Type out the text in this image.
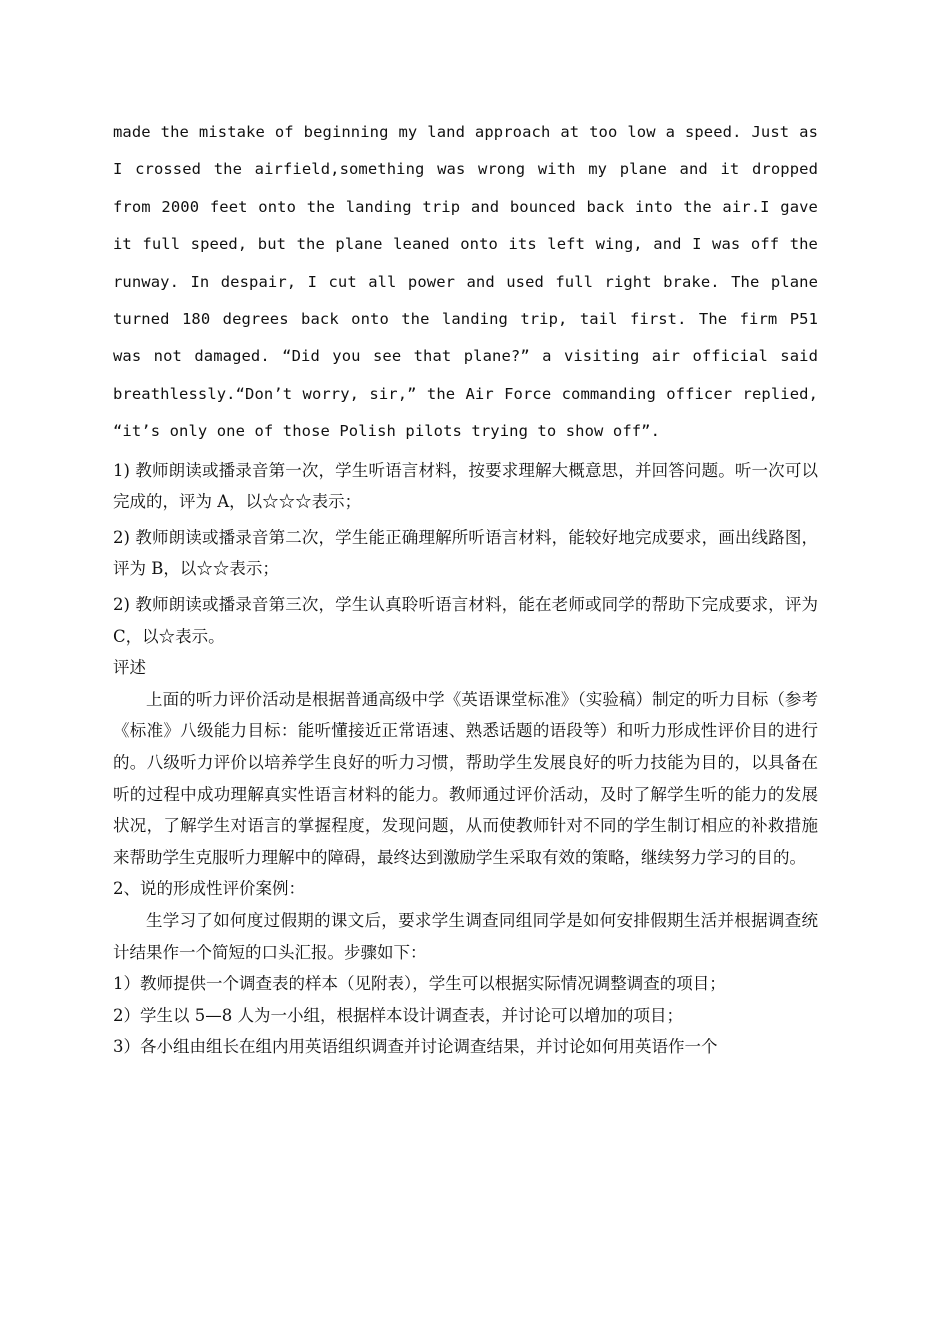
made the mistake of beginning my land approach at too low a speed. Just as I crossed the airfield,something was wrong with my plane and it dropped from 2000 feet onto the landing trip and bounced back into the air.I gave it full speed, but the plane leaned onto its left wing, and I was off the runway. In despair, I cut all power and used full right brake. The plane turned 180 degrees back onto the landing trip, tail first. The firm P51 was not damaged. “Did you see that plane?” a visiting air official said breathlessly.“Don’t worry, sir,” the Air Force commanding officer replied, “it’s only one of those Polish pilots trying to show off”.

1) 教师朗读或播录音第一次，学生听语言材料，按要求理解大概意思，并回答问题。听一次可以完成的，评为 A，以☆☆☆表示；

2) 教师朗读或播录音第二次，学生能正确理解所听语言材料，能较好地完成要求，画出线路图，评为 B，以☆☆表示；

2) 教师朗读或播录音第三次，学生认真聆听语言材料，能在老师或同学的帮助下完成要求，评为 C，以☆表示。

评述

上面的听力评价活动是根据普通高级中学《英语课堂标准》（实验稿）制定的听力目标（参考《标准》八级能力目标：能听懂接近正常语速、熟悉话题的语段等）和听力形成性评价目的进行的。八级听力评价以培养学生良好的听力习惯，帮助学生发展良好的听力技能为目的，以具备在听的过程中成功理解真实性语言材料的能力。教师通过评价活动，及时了解学生听的能力的发展状况，了解学生对语言的掌握程度，发现问题，从而使教师针对不同的学生制订相应的补救措施来帮助学生克服听力理解中的障碍，最终达到激励学生采取有效的策略，继续努力学习的目的。

2、说的形成性评价案例：

生学习了如何度过假期的课文后，要求学生调查同组同学是如何安排假期生活并根据调查统计结果作一个简短的口头汇报。步骤如下：

1）教师提供一个调查表的样本（见附表），学生可以根据实际情况调整调查的项目；

2）学生以 5—8 人为一小组，根据样本设计调查表，并讨论可以增加的项目；

3）各小组由组长在组内用英语组织调查并讨论调查结果，并讨论如何用英语作一个
